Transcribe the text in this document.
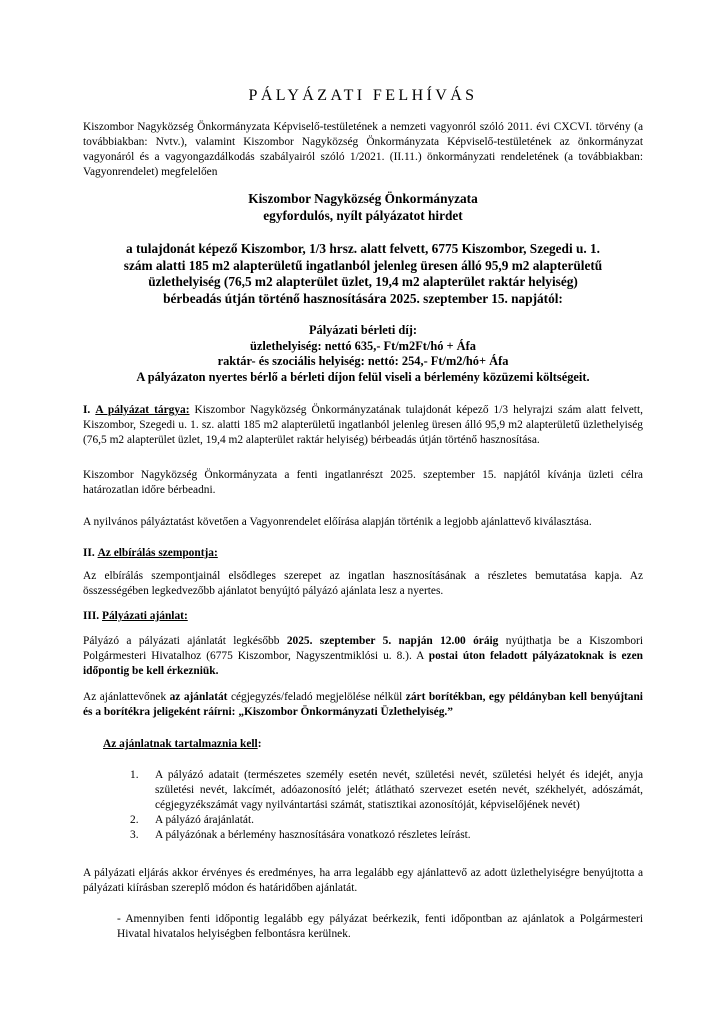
PÁLYÁZATI FELHÍVÁS
Kiszombor Nagyközség Önkormányzata Képviselő-testületének a nemzeti vagyonról szóló 2011. évi CXCVI. törvény (a továbbiakban: Nvtv.), valamint Kiszombor Nagyközség Önkormányzata Képviselő-testületének az önkormányzat vagyonáról és a vagyongazdálkodás szabályairól szóló 1/2021. (II.11.) önkormányzati rendeletének (a továbbiakban: Vagyonrendelet) megfelelően
Kiszombor Nagyközség Önkormányzata
egyfordulós, nyílt pályázatot hirdet
a tulajdonát képező Kiszombor, 1/3 hrsz. alatt felvett, 6775 Kiszombor, Szegedi u. 1.
szám alatti 185 m2 alapterületű ingatlanból jelenleg üresen álló 95,9 m2 alapterületű
üzlethelyiség (76,5 m2 alapterület üzlet, 19,4 m2 alapterület raktár helyiség)
bérbeadás útján történő hasznosítására 2025. szeptember 15. napjától:
Pályázati bérleti díj:
üzlethelyiség: nettó 635,- Ft/m2Ft/hó + Áfa
raktár- és szociális helyiség: nettó: 254,- Ft/m2/hó+ Áfa
A pályázaton nyertes bérlő a bérleti díjon felül viseli a bérlemény közüzemi költségeit.
I. A pályázat tárgya: Kiszombor Nagyközség Önkormányzatának tulajdonát képező 1/3 helyrajzi szám alatt felvett, Kiszombor, Szegedi u. 1. sz. alatti 185 m2 alapterületű ingatlanból jelenleg üresen álló 95,9 m2 alapterületű üzlethelyiség (76,5 m2 alapterület üzlet, 19,4 m2 alapterület raktár helyiség) bérbeadás útján történő hasznosítása.
Kiszombor Nagyközség Önkormányzata a fenti ingatlanrészt 2025. szeptember 15. napjától kívánja üzleti célra határozatlan időre bérbeadni.
A nyilvános pályáztatást követően a Vagyonrendelet előírása alapján történik a legjobb ajánlattevő kiválasztása.
II. Az elbírálás szempontja:
Az elbírálás szempontjainál elsődleges szerepet az ingatlan hasznosításának a részletes bemutatása kapja. Az összességében legkedvezőbb ajánlatot benyújtó pályázó ajánlata lesz a nyertes.
III. Pályázati ajánlat:
Pályázó a pályázati ajánlatát legkésőbb 2025. szeptember 5. napján 12.00 óráig nyújthatja be a Kiszombori Polgármesteri Hivatalhoz (6775 Kiszombor, Nagyszentmiklósi u. 8.). A postai úton feladott pályázatoknak is ezen időpontig be kell érkezniük.
Az ajánlattevőnek az ajánlatát cégjegyzés/feladó megjelölése nélkül zárt borítékban, egy példányban kell benyújtani és a borítékra jeligeként ráírni: „Kiszombor Önkormányzati Üzlethelyiség.”
Az ajánlatnak tartalmaznia kell:
1. A pályázó adatait (természetes személy esetén nevét, születési nevét, születési helyét és idejét, anyja születési nevét, lakcímét, adóazonosító jelét; átlátható szervezet esetén nevét, székhelyét, adószámát, cégjegyzékszámát vagy nyilvántartási számát, statisztikai azonosítóját, képviselőjének nevét)
2. A pályázó árajánlatát.
3. A pályázónak a bérlemény hasznosítására vonatkozó részletes leírást.
A pályázati eljárás akkor érvényes és eredményes, ha arra legalább egy ajánlattevő az adott üzlethelyiségre benyújtotta a pályázati kiírásban szereplő módon és határidőben ajánlatát.
- Amennyiben fenti időpontig legalább egy pályázat beérkezik, fenti időpontban az ajánlatok a Polgármesteri Hivatal hivatalos helyiségben felbontásra kerülnek.
